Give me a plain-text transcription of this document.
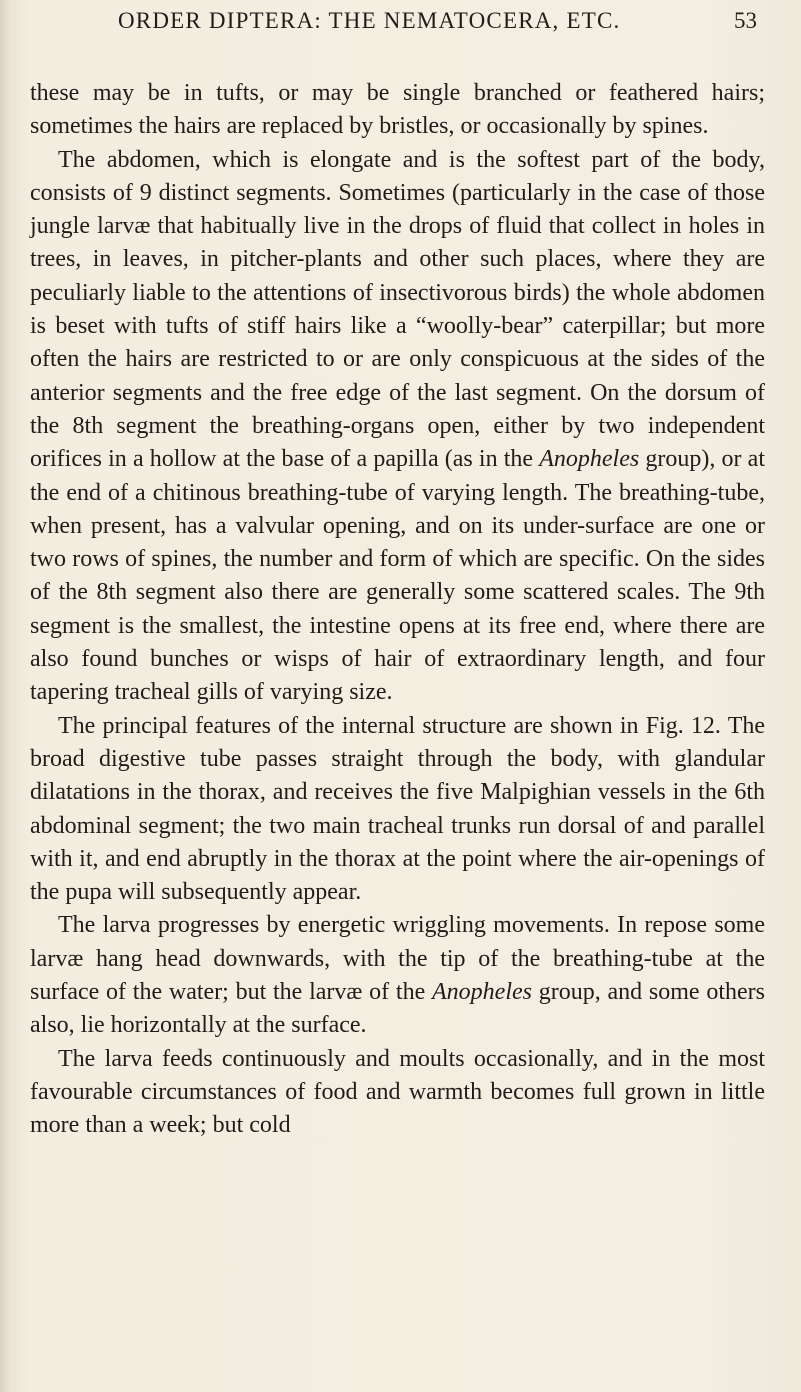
ORDER DIPTERA: THE NEMATOCERA, ETC.	53

these may be in tufts, or may be single branched or feathered hairs; sometimes the hairs are replaced by bristles, or occasionally by spines.

The abdomen, which is elongate and is the softest part of the body, consists of 9 distinct segments. Sometimes (particularly in the case of those jungle larvæ that habitually live in the drops of fluid that collect in holes in trees, in leaves, in pitcher-plants and other such places, where they are peculiarly liable to the attentions of insectivorous birds) the whole abdomen is beset with tufts of stiff hairs like a “woolly-bear” caterpillar; but more often the hairs are restricted to or are only conspicuous at the sides of the anterior segments and the free edge of the last segment. On the dorsum of the 8th segment the breathing-organs open, either by two independent orifices in a hollow at the base of a papilla (as in the Anopheles group), or at the end of a chitinous breathing-tube of varying length. The breathing-tube, when present, has a valvular opening, and on its under-surface are one or two rows of spines, the number and form of which are specific. On the sides of the 8th segment also there are generally some scattered scales. The 9th segment is the smallest, the intestine opens at its free end, where there are also found bunches or wisps of hair of extraordinary length, and four tapering tracheal gills of varying size.

The principal features of the internal structure are shown in Fig. 12. The broad digestive tube passes straight through the body, with glandular dilatations in the thorax, and receives the five Malpighian vessels in the 6th abdominal segment; the two main tracheal trunks run dorsal of and parallel with it, and end abruptly in the thorax at the point where the air-openings of the pupa will subsequently appear.

The larva progresses by energetic wriggling movements. In repose some larvæ hang head downwards, with the tip of the breathing-tube at the surface of the water; but the larvæ of the Anopheles group, and some others also, lie horizontally at the surface.

The larva feeds continuously and moults occasionally, and in the most favourable circumstances of food and warmth becomes full grown in little more than a week; but cold
